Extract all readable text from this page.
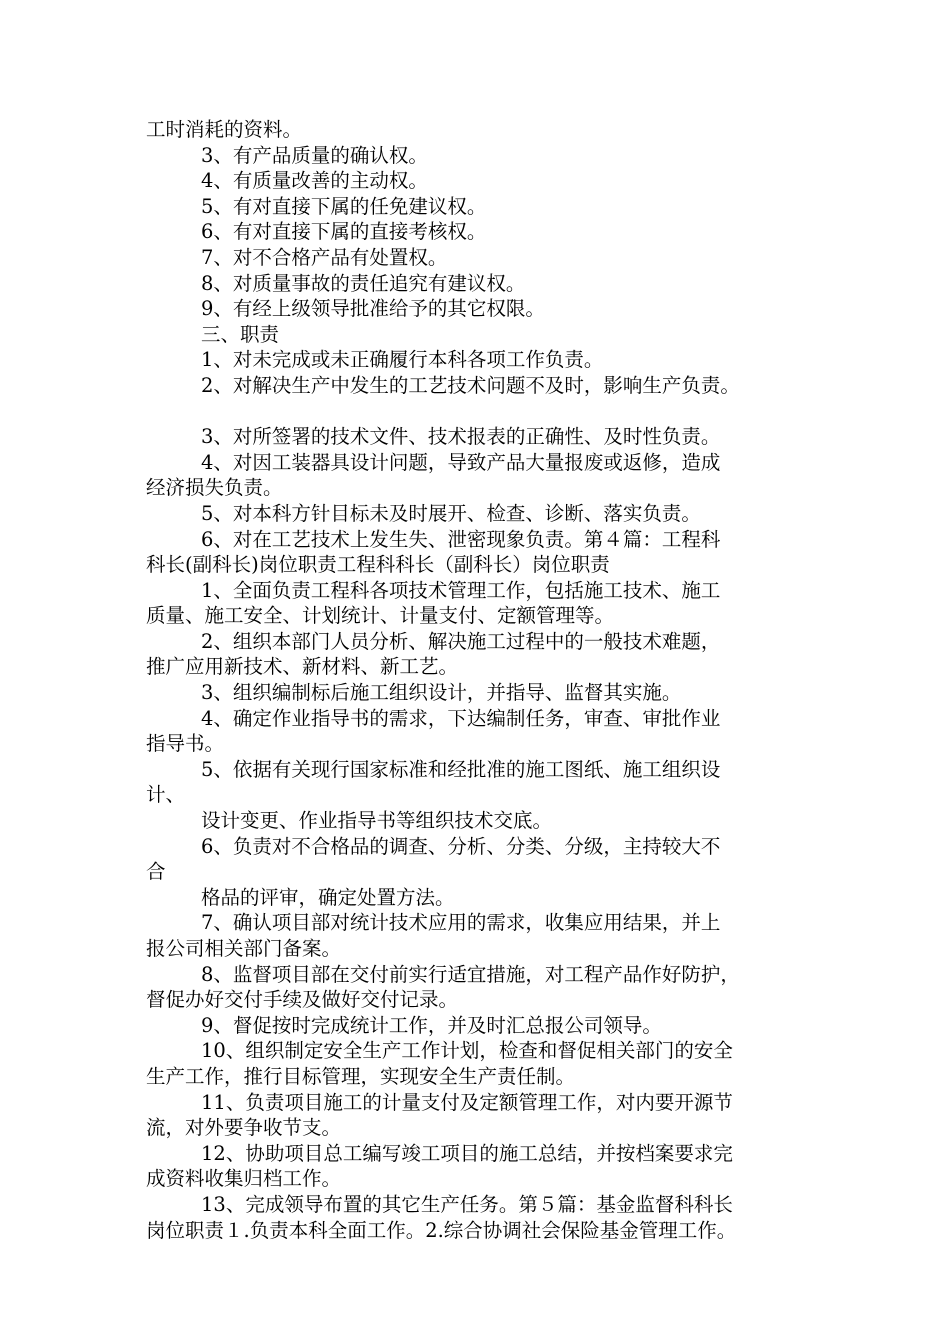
工时消耗的资料。
3、有产品质量的确认权。
4、有质量改善的主动权。
5、有对直接下属的任免建议权。
6、有对直接下属的直接考核权。
7、对不合格产品有处置权。
8、对质量事故的责任追究有建议权。
9、有经上级领导批准给予的其它权限。
三、职责
1、对未完成或未正确履行本科各项工作负责。
2、对解决生产中发生的工艺技术问题不及时，影响生产负责。
3、对所签署的技术文件、技术报表的正确性、及时性负责。
4、对因工装器具设计问题，导致产品大量报废或返修，造成
经济损失负责。
5、对本科方针目标未及时展开、检查、诊断、落实负责。
6、对在工艺技术上发生失、泄密现象负责。第４篇：工程科
科长(副科长)岗位职责工程科科长（副科长）岗位职责
1、全面负责工程科各项技术管理工作，包括施工技术、施工
质量、施工安全、计划统计、计量支付、定额管理等。
2、组织本部门人员分析、解决施工过程中的一般技术难题，
推广应用新技术、新材料、新工艺。
3、组织编制标后施工组织设计，并指导、监督其实施。
4、确定作业指导书的需求，下达编制任务，审查、审批作业
指导书。
5、依据有关现行国家标准和经批准的施工图纸、施工组织设
计、
设计变更、作业指导书等组织技术交底。
6、负责对不合格品的调查、分析、分类、分级，主持较大不
合
格品的评审，确定处置方法。
7、确认项目部对统计技术应用的需求，收集应用结果，并上
报公司相关部门备案。
8、监督项目部在交付前实行适宜措施，对工程产品作好防护，
督促办好交付手续及做好交付记录。
9、督促按时完成统计工作，并及时汇总报公司领导。
10、组织制定安全生产工作计划，检查和督促相关部门的安全
生产工作，推行目标管理，实现安全生产责任制。
11、负责项目施工的计量支付及定额管理工作，对内要开源节
流，对外要争收节支。
12、协助项目总工编写竣工项目的施工总结，并按档案要求完
成资料收集归档工作。
13、完成领导布置的其它生产任务。第５篇：基金监督科科长
岗位职责１.负责本科全面工作。2.综合协调社会保险基金管理工作。
